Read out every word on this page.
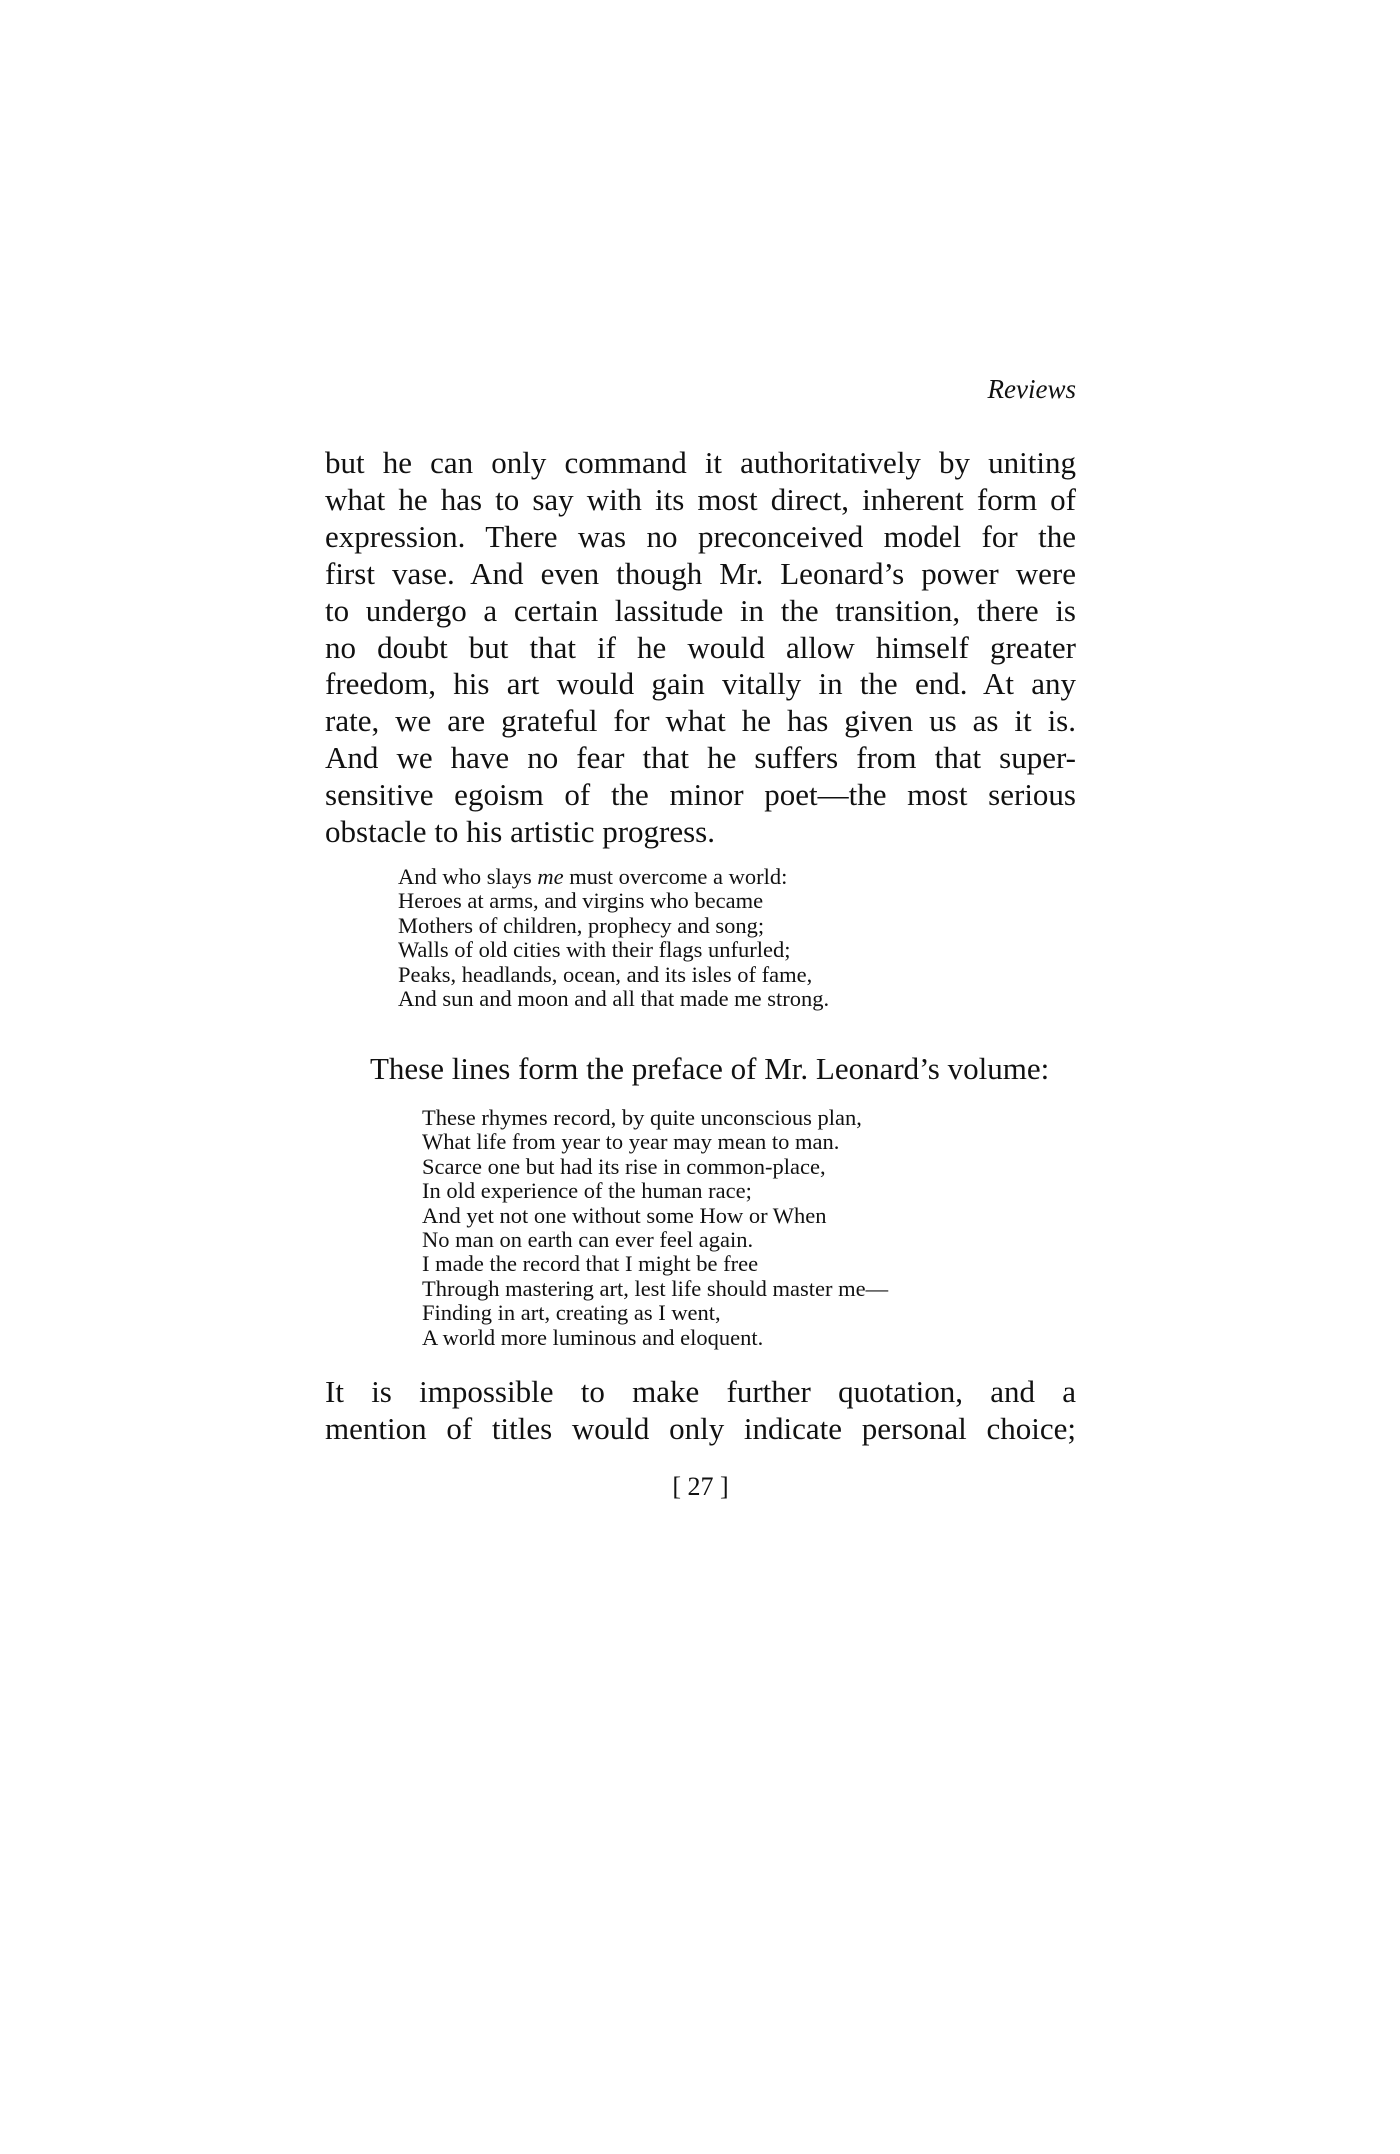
Reviews
but he can only command it authoritatively by uniting
what he has to say with its most direct, inherent form of
expression. There was no preconceived model for the
first vase. And even though Mr. Leonard’s power were
to undergo a certain lassitude in the transition, there is
no doubt but that if he would allow himself greater
freedom, his art would gain vitally in the end. At any
rate, we are grateful for what he has given us as it is.
And we have no fear that he suffers from that super-
sensitive egoism of the minor poet—the most serious
obstacle to his artistic progress.
And who slays me must overcome a world:
Heroes at arms, and virgins who became
Mothers of children, prophecy and song;
Walls of old cities with their flags unfurled;
Peaks, headlands, ocean, and its isles of fame,
And sun and moon and all that made me strong.
These lines form the preface of Mr. Leonard’s volume:
These rhymes record, by quite unconscious plan,
What life from year to year may mean to man.
Scarce one but had its rise in common-place,
In old experience of the human race;
And yet not one without some How or When
No man on earth can ever feel again.
I made the record that I might be free
Through mastering art, lest life should master me—
Finding in art, creating as I went,
A world more luminous and eloquent.
It is impossible to make further quotation, and a
mention of titles would only indicate personal choice;
[ 27 ]
